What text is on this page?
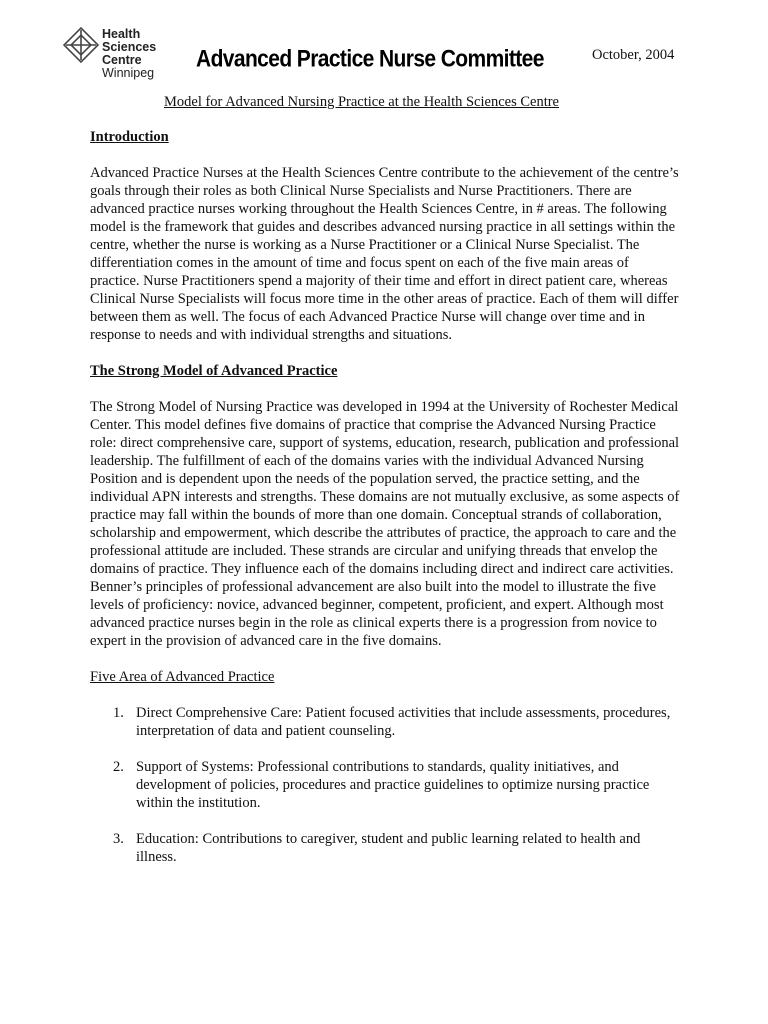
Health
Sciences
Centre
Winnipeg
Advanced Practice Nurse Committee	October, 2004
Model for Advanced Nursing Practice at the Health Sciences Centre
Introduction

Advanced Practice Nurses at the Health Sciences Centre contribute to the achievement of the centre’s goals through their roles as both Clinical Nurse Specialists and Nurse Practitioners. There are advanced practice nurses working throughout the Health Sciences Centre, in # areas. The following model is the framework that guides and describes advanced nursing practice in all settings within the centre, whether the nurse is working as a Nurse Practitioner or a Clinical Nurse Specialist. The differentiation comes in the amount of time and focus spent on each of the five main areas of practice. Nurse Practitioners spend a majority of their time and effort in direct patient care, whereas Clinical Nurse Specialists will focus more time in the other areas of practice. Each of them will differ between them as well. The focus of each Advanced Practice Nurse will change over time and in response to needs and with individual strengths and situations.

The Strong Model of Advanced Practice

The Strong Model of Nursing Practice was developed in 1994 at the University of Rochester Medical Center. This model defines five domains of practice that comprise the Advanced Nursing Practice role: direct comprehensive care, support of systems, education, research, publication and professional leadership. The fulfillment of each of the domains varies with the individual Advanced Nursing Position and is dependent upon the needs of the population served, the practice setting, and the individual APN interests and strengths. These domains are not mutually exclusive, as some aspects of practice may fall within the bounds of more than one domain. Conceptual strands of collaboration, scholarship and empowerment, which describe the attributes of practice, the approach to care and the professional attitude are included. These strands are circular and unifying threads that envelop the domains of practice. They influence each of the domains including direct and indirect care activities. Benner’s principles of professional advancement are also built into the model to illustrate the five levels of proficiency: novice, advanced beginner, competent, proficient, and expert. Although most advanced practice nurses begin in the role as clinical experts there is a progression from novice to expert in the provision of advanced care in the five domains.

Five Area of Advanced Practice
1. Direct Comprehensive Care: Patient focused activities that include assessments, procedures, interpretation of data and patient counseling.
2. Support of Systems: Professional contributions to standards, quality initiatives, and development of policies, procedures and practice guidelines to optimize nursing practice within the institution.
3. Education: Contributions to caregiver, student and public learning related to health and illness.
